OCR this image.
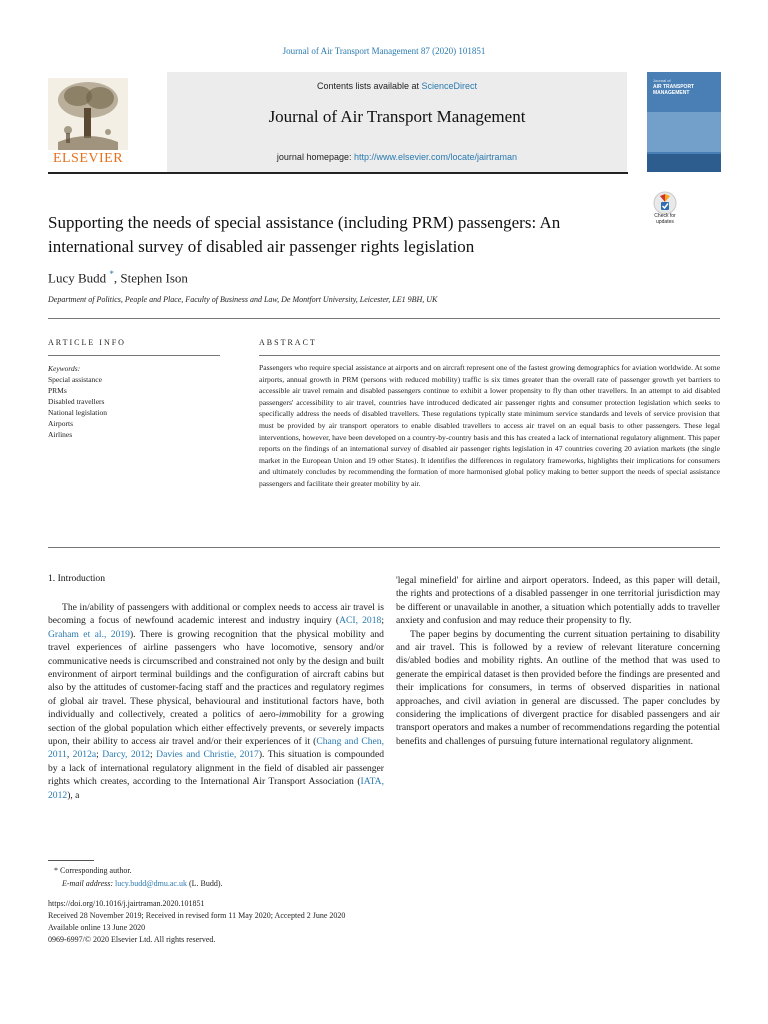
Journal of Air Transport Management 87 (2020) 101851
Contents lists available at ScienceDirect
Journal of Air Transport Management
journal homepage: http://www.elsevier.com/locate/jairtraman
ELSEVIER
Journal of
AIR TRANSPORT MANAGEMENT
Supporting the needs of special assistance (including PRM) passengers: An international survey of disabled air passenger rights legislation
Check for updates
Lucy Budd *, Stephen Ison
Department of Politics, People and Place, Faculty of Business and Law, De Montfort University, Leicester, LE1 9BH, UK
ARTICLE INFO
Keywords:
Special assistance
PRMs
Disabled travellers
National legislation
Airports
Airlines
ABSTRACT
Passengers who require special assistance at airports and on aircraft represent one of the fastest growing demographics for aviation worldwide. At some airports, annual growth in PRM (persons with reduced mobility) traffic is six times greater than the overall rate of passenger growth yet barriers to accessible air travel remain and disabled passengers continue to exhibit a lower propensity to fly than other travellers. In an attempt to aid disabled passengers' accessibility to air travel, countries have introduced dedicated air passenger rights and consumer protection legislation which seeks to specifically address the needs of disabled travellers. These regulations typically state minimum service standards and levels of service provision that must be provided by air transport operators to enable disabled travellers to access air travel on an equal basis to other passengers. These legal interventions, however, have been developed on a country-by-country basis and this has created a lack of international regulatory alignment. This paper reports on the findings of an international survey of disabled air passenger rights legislation in 47 countries covering 20 aviation markets (the single market in the European Union and 19 other States). It identifies the differences in regulatory frameworks, highlights their implications for consumers and ultimately concludes by recommending the formation of more harmonised global policy making to better support the needs of special assistance passengers and facilitate their greater mobility by air.
1. Introduction

The in/ability of passengers with additional or complex needs to access air travel is becoming a focus of newfound academic interest and industry inquiry (ACI, 2018; Graham et al., 2019). There is growing recognition that the physical mobility and travel experiences of airline passengers who have locomotive, sensory and/or communicative needs is circumscribed and constrained not only by the design and built environment of airport terminal buildings and the configuration of aircraft cabins but also by the attitudes of customer-facing staff and the practices and regulatory regimes of global air travel. These physical, behavioural and institutional factors have, both individually and collectively, created a politics of aero-immobility for a growing section of the global population which either effectively prevents, or severely impacts upon, their ability to access air travel and/or their experiences of it (Chang and Chen, 2011, 2012a; Darcy, 2012; Davies and Christie, 2017). This situation is compounded by a lack of international regulatory alignment in the field of disabled air passenger rights which creates, according to the International Air Transport Association (IATA, 2012), a

'legal minefield' for airline and airport operators. Indeed, as this paper will detail, the rights and protections of a disabled passenger in one territorial jurisdiction may be different or unavailable in another, a situation which potentially adds to traveller anxiety and confusion and may reduce their propensity to fly.

The paper begins by documenting the current situation pertaining to disability and air travel. This is followed by a review of relevant literature concerning dis/abled bodies and mobility rights. An outline of the method that was used to generate the empirical dataset is then provided before the findings are presented and their implications for consumers, in terms of observed disparities in national approaches, and civil aviation in general are discussed. The paper concludes by considering the implications of divergent practice for disabled passengers and air transport operators and makes a number of recommendations regarding the potential benefits and challenges of pursuing future international regulatory alignment.

* Corresponding author.
E-mail address: lucy.budd@dmu.ac.uk (L. Budd).
https://doi.org/10.1016/j.jairtraman.2020.101851
Received 28 November 2019; Received in revised form 11 May 2020; Accepted 2 June 2020
Available online 13 June 2020
0969-6997/© 2020 Elsevier Ltd. All rights reserved.
